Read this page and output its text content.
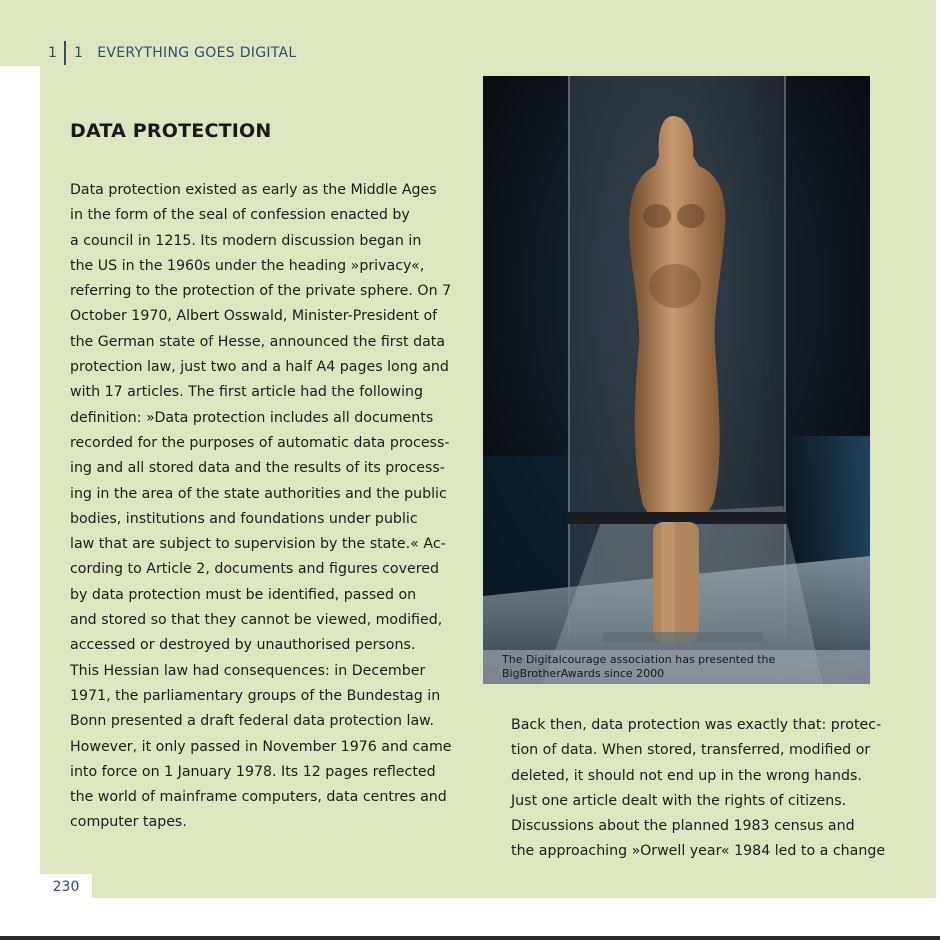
1	1 EVERYTHING GOES DIGITAL
DATA PROTECTION

Data protection existed as early as the Middle Ages
in the form of the seal of confession enacted by
a council in 1215. Its modern discussion began in
the US in the 1960s under the heading »privacy«,
referring to the protection of the private sphere. On 7
October 1970, Albert Osswald, Minister-President of
the German state of Hesse, announced the first data
protection law, just two and a half A4 pages long and
with 17 articles. The first article had the following
definition: »Data protection includes all documents
recorded for the purposes of automatic data process-
ing and all stored data and the results of its process-
ing in the area of the state authorities and the public
bodies, institutions and foundations under public
law that are subject to supervision by the state.« Ac-
cording to Article 2, documents and figures covered
by data protection must be identified, passed on
and stored so that they cannot be viewed, modified,
accessed or destroyed by unauthorised persons.
This Hessian law had consequences: in December
1971, the parliamentary groups of the Bundestag in
Bonn presented a draft federal data protection law.
However, it only passed in November 1976 and came
into force on 1 January 1978. Its 12 pages reflected
the world of mainframe computers, data centres and
computer tapes.

The Digitalcourage association has presented the
BigBrotherAwards since 2000

Back then, data protection was exactly that: protec-
tion of data. When stored, transferred, modified or
deleted, it should not end up in the wrong hands.
Just one article dealt with the rights of citizens.
Discussions about the planned 1983 census and
the approaching »Orwell year« 1984 led to a change

230
